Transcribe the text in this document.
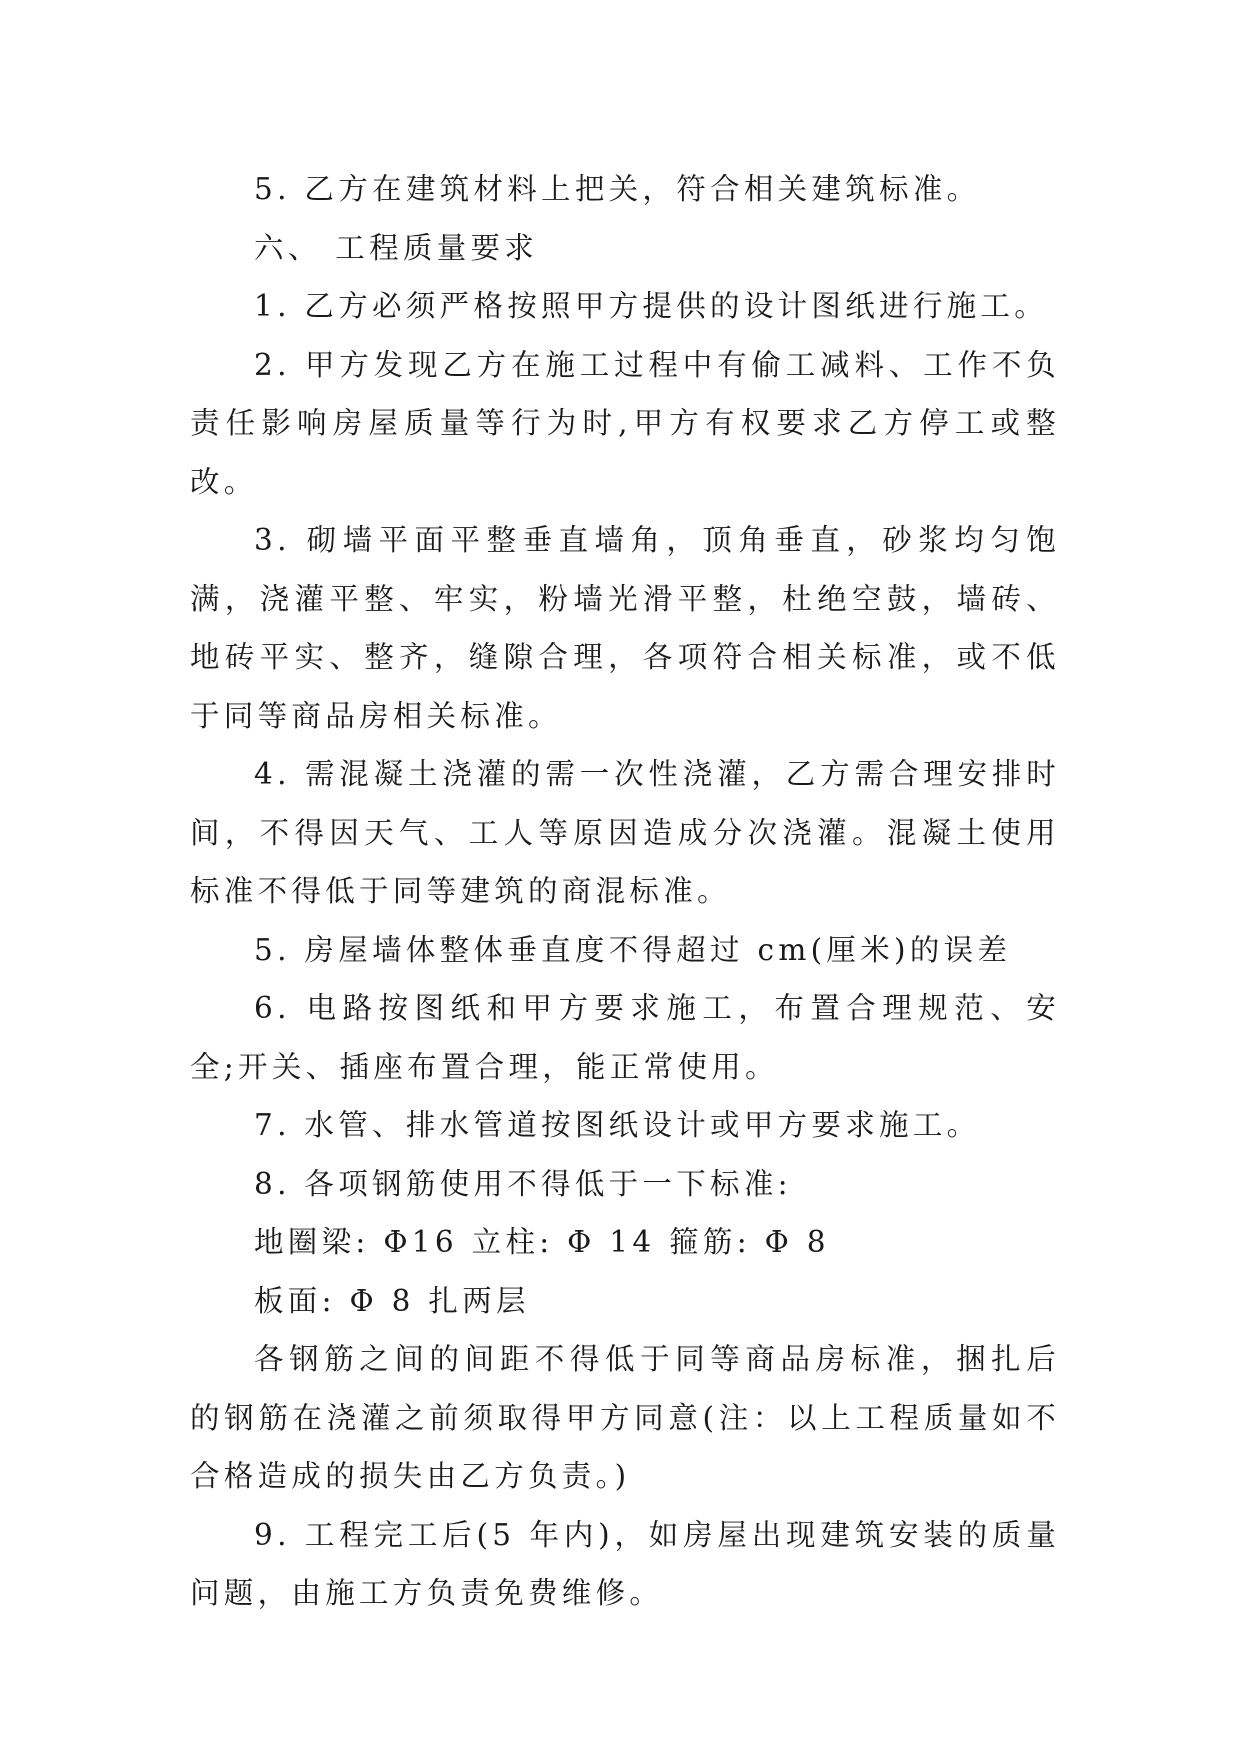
5. 乙方在建筑材料上把关，符合相关建筑标准。

六、 工程质量要求

1. 乙方必须严格按照甲方提供的设计图纸进行施工。

2. 甲方发现乙方在施工过程中有偷工减料、工作不负责任影响房屋质量等行为时,甲方有权要求乙方停工或整改。

3. 砌墙平面平整垂直墙角，顶角垂直，砂浆均匀饱满，浇灌平整、牢实，粉墙光滑平整，杜绝空鼓，墙砖、地砖平实、整齐，缝隙合理，各项符合相关标准，或不低于同等商品房相关标准。

4. 需混凝土浇灌的需一次性浇灌，乙方需合理安排时间，不得因天气、工人等原因造成分次浇灌。混凝土使用标准不得低于同等建筑的商混标准。

5. 房屋墙体整体垂直度不得超过 cm(厘米)的误差

6. 电路按图纸和甲方要求施工，布置合理规范、安全;开关、插座布置合理，能正常使用。

7. 水管、排水管道按图纸设计或甲方要求施工。

8. 各项钢筋使用不得低于一下标准:

地圈梁: Φ16 立柱: Φ 14 箍筋: Φ 8

板面: Φ 8 扎两层

各钢筋之间的间距不得低于同等商品房标准，捆扎后的钢筋在浇灌之前须取得甲方同意(注：以上工程质量如不合格造成的损失由乙方负责。)

9. 工程完工后(5 年内)，如房屋出现建筑安装的质量问题，由施工方负责免费维修。
